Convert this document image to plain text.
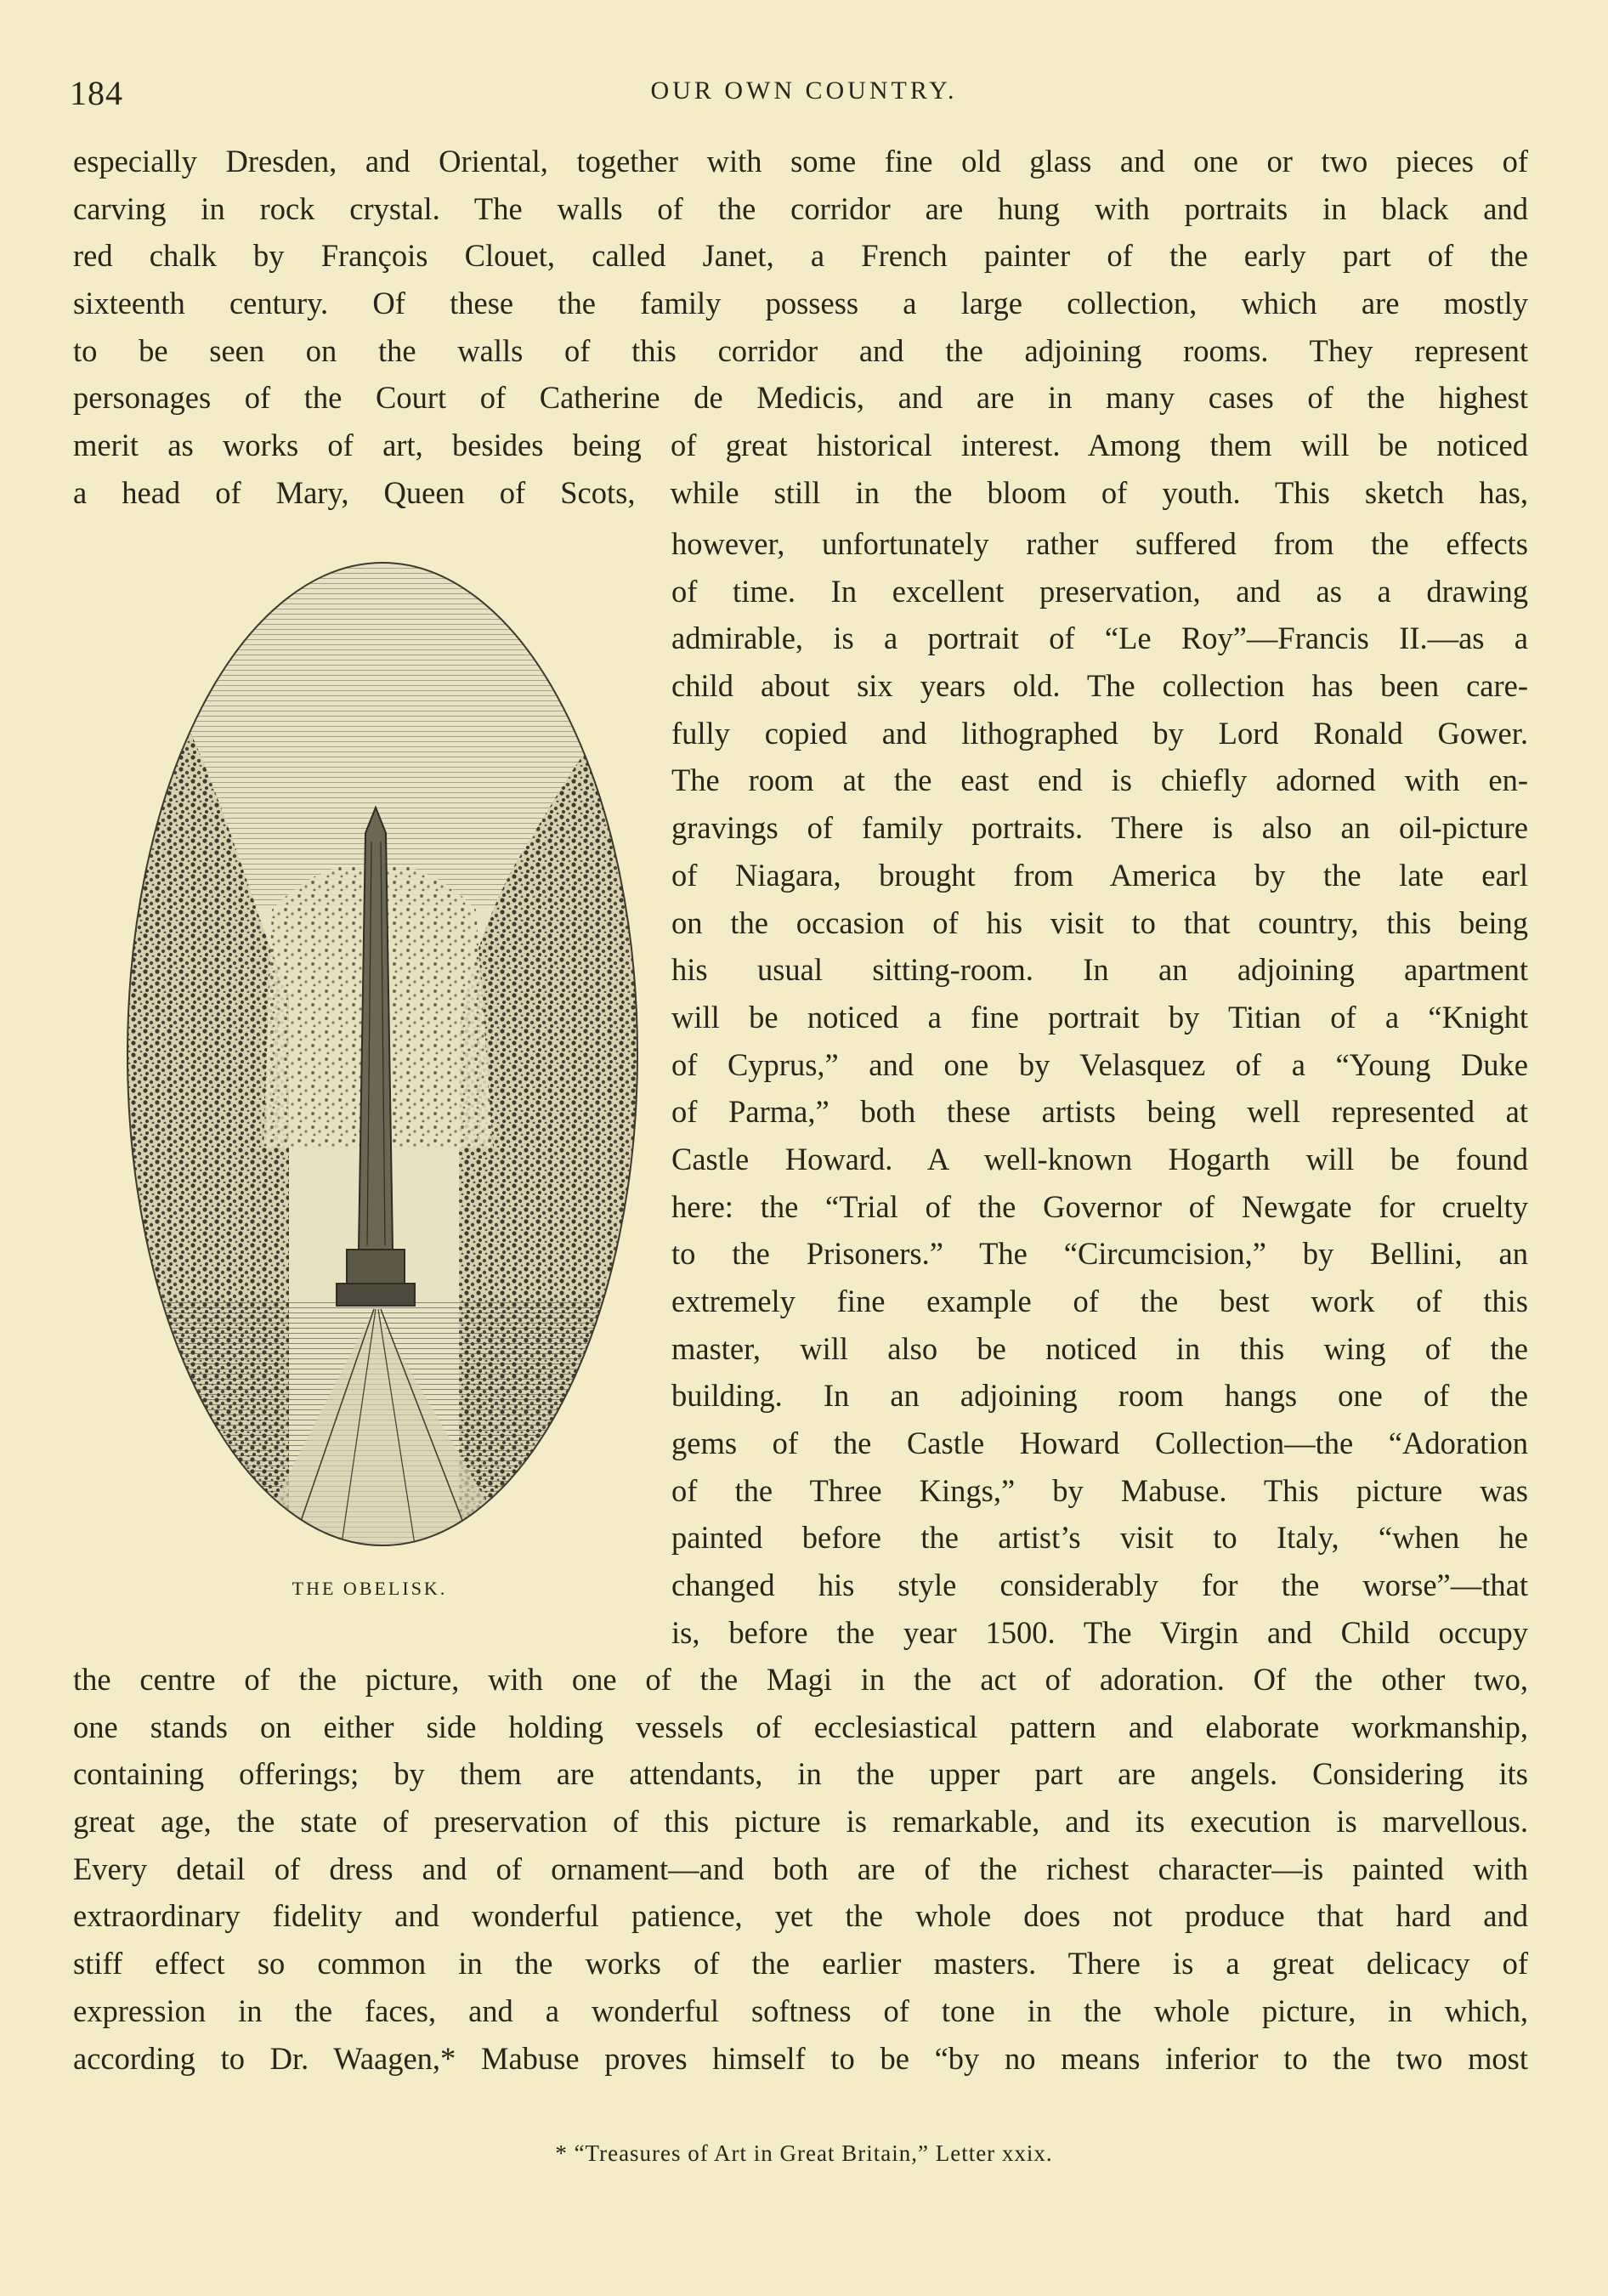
184	OUR OWN COUNTRY.
especially Dresden, and Oriental, together with some fine old glass and one or two pieces of
carving in rock crystal. The walls of the corridor are hung with portraits in black and
red chalk by François Clouet, called Janet, a French painter of the early part of the
sixteenth century. Of these the family possess a large collection, which are mostly
to be seen on the walls of this corridor and the adjoining rooms. They represent
personages of the Court of Catherine de Medicis, and are in many cases of the highest
merit as works of art, besides being of great historical interest. Among them will be noticed
a head of Mary, Queen of Scots, while still in the bloom of youth. This sketch has,
THE OBELISK.
however, unfortunately rather suffered from the effects
of time. In excellent preservation, and as a drawing
admirable, is a portrait of “Le Roy”—Francis II.—as a
child about six years old. The collection has been care-
fully copied and lithographed by Lord Ronald Gower.
The room at the east end is chiefly adorned with en-
gravings of family portraits. There is also an oil-picture
of Niagara, brought from America by the late earl
on the occasion of his visit to that country, this being
his usual sitting-room. In an adjoining apartment
will be noticed a fine portrait by Titian of a “Knight
of Cyprus,” and one by Velasquez of a “Young Duke
of Parma,” both these artists being well represented at
Castle Howard. A well-known Hogarth will be found
here: the “Trial of the Governor of Newgate for cruelty
to the Prisoners.” The “Circumcision,” by Bellini, an
extremely fine example of the best work of this
master, will also be noticed in this wing of the
building. In an adjoining room hangs one of the
gems of the Castle Howard Collection—the “Adoration
of the Three Kings,” by Mabuse. This picture was
painted before the artist’s visit to Italy, “when he
changed his style considerably for the worse”—that
is, before the year 1500. The Virgin and Child occupy
the centre of the picture, with one of the Magi in the act of adoration. Of the other two,
one stands on either side holding vessels of ecclesiastical pattern and elaborate workmanship,
containing offerings; by them are attendants, in the upper part are angels. Considering its
great age, the state of preservation of this picture is remarkable, and its execution is marvellous.
Every detail of dress and of ornament—and both are of the richest character—is painted with
extraordinary fidelity and wonderful patience, yet the whole does not produce that hard and
stiff effect so common in the works of the earlier masters. There is a great delicacy of
expression in the faces, and a wonderful softness of tone in the whole picture, in which,
according to Dr. Waagen,* Mabuse proves himself to be “by no means inferior to the two most
* “Treasures of Art in Great Britain,” Letter xxix.
